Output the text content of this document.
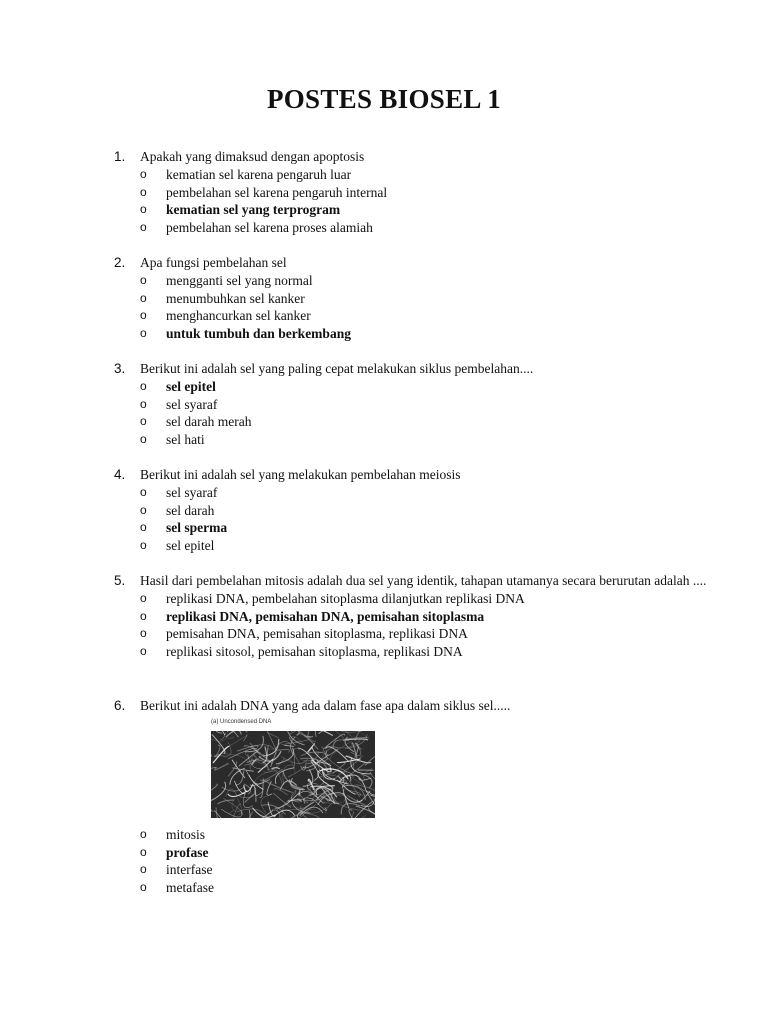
POSTES BIOSEL 1
1.	Apakah yang dimaksud dengan apoptosis
o	kematian sel karena pengaruh luar
o	pembelahan sel karena pengaruh internal
o	kematian sel yang terprogram
o	pembelahan sel karena proses alamiah
2.	Apa fungsi pembelahan sel
o	mengganti sel yang normal
o	menumbuhkan sel kanker
o	menghancurkan sel kanker
o	untuk tumbuh dan berkembang
3.	Berikut ini adalah sel yang paling cepat melakukan siklus pembelahan....
o	sel epitel
o	sel syaraf
o	sel darah merah
o	sel hati
4.	Berikut ini adalah sel yang melakukan pembelahan meiosis
o	sel syaraf
o	sel darah
o	sel sperma
o	sel epitel
5.	Hasil dari pembelahan mitosis adalah dua sel yang identik, tahapan utamanya secara berurutan adalah ....
o	replikasi DNA, pembelahan sitoplasma dilanjutkan replikasi DNA
o	replikasi DNA, pemisahan DNA, pemisahan sitoplasma
o	pemisahan DNA, pemisahan sitoplasma, replikasi DNA
o	replikasi sitosol, pemisahan sitoplasma, replikasi DNA
6.	Berikut ini adalah DNA yang ada dalam fase apa dalam siklus sel.....
(a) Uncondensed DNA
o	mitosis
o	profase
o	interfase
o	metafase
